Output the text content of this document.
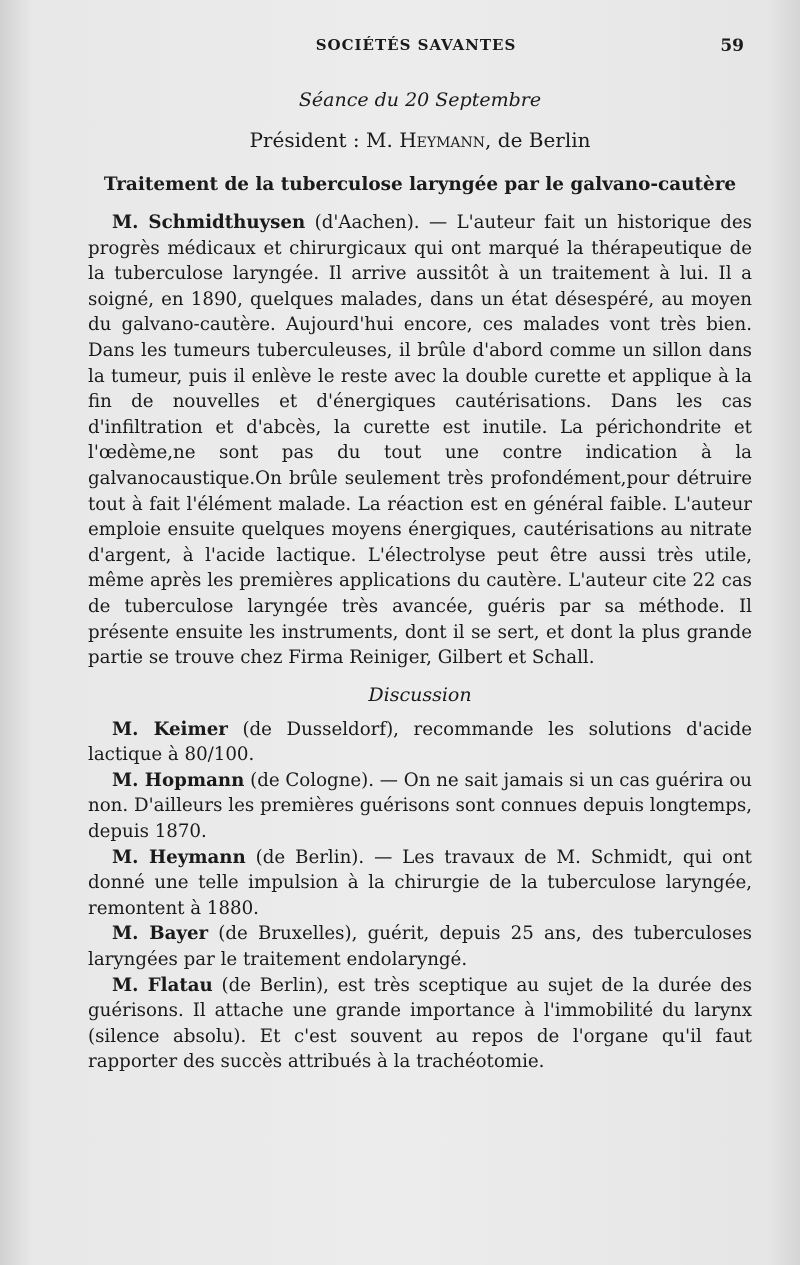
SOCIÉTÉS SAVANTES	59
Séance du 20 Septembre
Président : M. Heymann, de Berlin
Traitement de la tuberculose laryngée par le galvano-cautère

M. Schmidthuysen (d'Aachen). — L'auteur fait un historique des progrès médicaux et chirurgicaux qui ont marqué la thérapeutique de la tuberculose laryngée. Il arrive aussitôt à un traitement à lui. Il a soigné, en 1890, quelques malades, dans un état désespéré, au moyen du galvano-cautère. Aujourd'hui encore, ces malades vont très bien. Dans les tumeurs tuberculeuses, il brûle d'abord comme un sillon dans la tumeur, puis il enlève le reste avec la double curette et applique à la fin de nouvelles et d'énergiques cautérisations. Dans les cas d'infiltration et d'abcès, la curette est inutile. La périchondrite et l'œdème,ne sont pas du tout une contre indication à la galvanocaustique.On brûle seulement très profondément,pour détruire tout à fait l'élément malade. La réaction est en général faible. L'auteur emploie ensuite quelques moyens énergiques, cautérisations au nitrate d'argent, à l'acide lactique. L'électrolyse peut être aussi très utile, même après les premières applications du cautère. L'auteur cite 22 cas de tuberculose laryngée très avancée, guéris par sa méthode. Il présente ensuite les instruments, dont il se sert, et dont la plus grande partie se trouve chez Firma Reiniger, Gilbert et Schall.

Discussion

M. Keimer (de Dusseldorf), recommande les solutions d'acide lactique à 80/100.

M. Hopmann (de Cologne). — On ne sait jamais si un cas guérira ou non. D'ailleurs les premières guérisons sont connues depuis longtemps, depuis 1870.

M. Heymann (de Berlin). — Les travaux de M. Schmidt, qui ont donné une telle impulsion à la chirurgie de la tuberculose laryngée, remontent à 1880.

M. Bayer (de Bruxelles), guérit, depuis 25 ans, des tuberculoses laryngées par le traitement endolaryngé.

M. Flatau (de Berlin), est très sceptique au sujet de la durée des guérisons. Il attache une grande importance à l'immobilité du larynx (silence absolu). Et c'est souvent au repos de l'organe qu'il faut rapporter des succès attribués à la trachéotomie.
